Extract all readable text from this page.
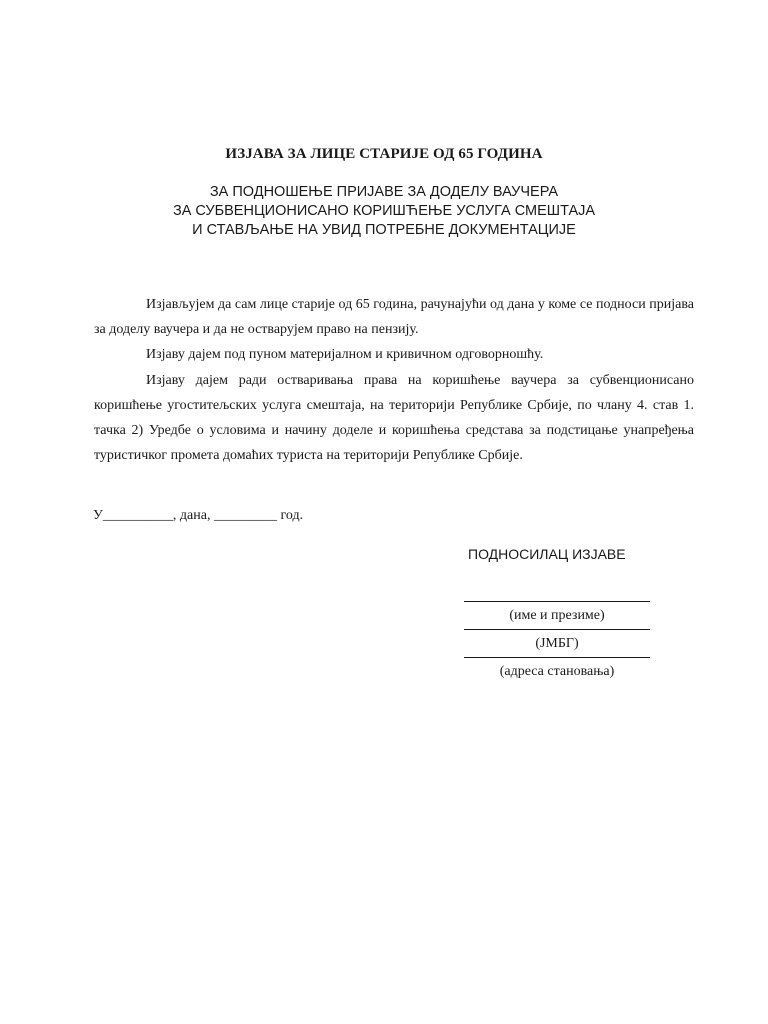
ИЗЈАВА ЗА ЛИЦЕ СТАРИЈЕ ОД 65 ГОДИНА
ЗА ПОДНОШЕЊЕ ПРИЈАВЕ ЗА ДОДЕЛУ ВАУЧЕРА
ЗА СУБВЕНЦИОНИСАНО КОРИШЋЕЊЕ УСЛУГА СМЕШТАЈА
И СТАВЉАЊЕ НА УВИД ПОТРЕБНЕ ДОКУМЕНТАЦИЈЕ

Изјављујем да сам лице старије од 65 година, рачунајући од дана у коме се подноси пријава за доделу ваучера и да не остварујем право на пензију.

Изјаву дајем под пуном материјалном и кривичном одговорношћу.

Изјаву дајем ради остваривања права на коришћење ваучера за субвенционисано коришћење угоститељских услуга смештаја, на територији Републике Србије, по члану 4. став 1. тачка 2) Уредбе о условима и начину доделе и коришћења средстава за подстицање унапређења туристичког промета домаћих туриста на територији Републике Србије.

У__________, дана, _________ год.
ПОДНОСИЛАЦ ИЗЈАВЕ
(име и презиме)
(ЈМБГ)
(адреса становања)
